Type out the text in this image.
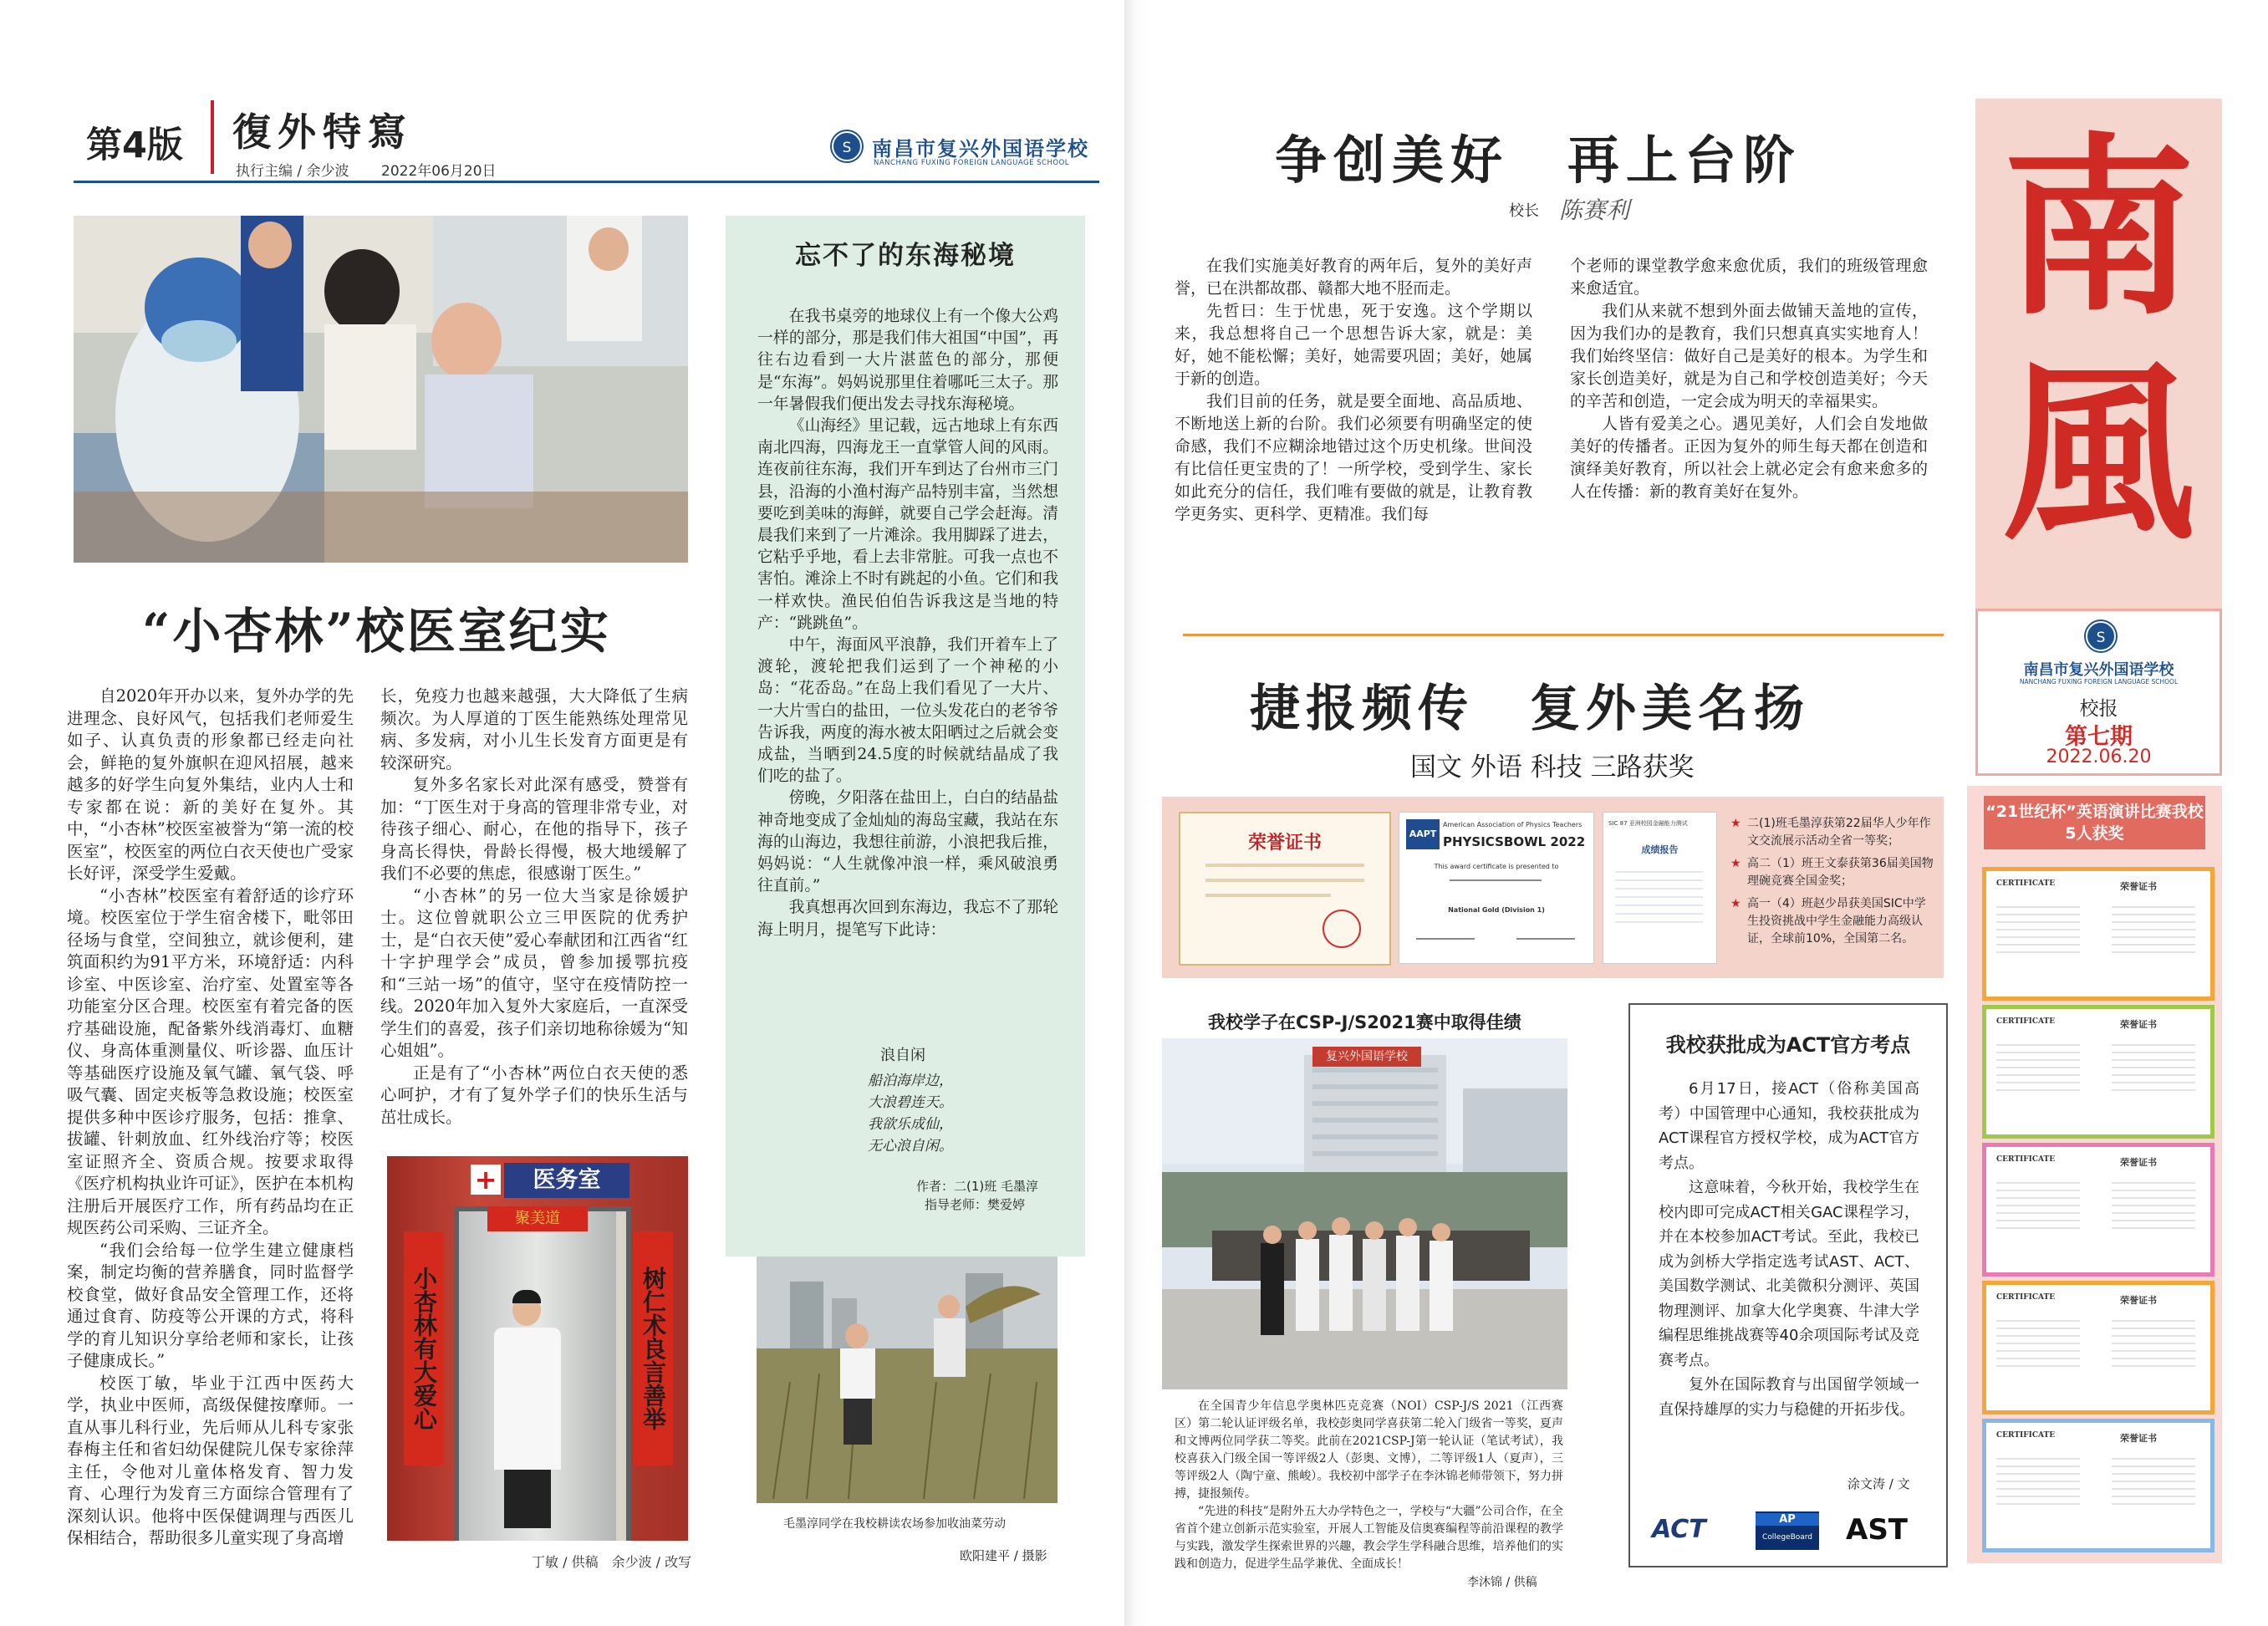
第4版 復外特寫
执行主编 / 余少波 2022年06月20日
S 南昌市复兴外国语学校
NANCHANG FUXING FOREIGN LANGUAGE SCHOOL
“小杏林”校医室纪实

自2020年开办以来，复外办学的先进理念、良好风气，包括我们老师爱生如子、认真负责的形象都已经走向社会，鲜艳的复外旗帜在迎风招展，越来越多的好学生向复外集结，业内人士和专家都在说：新的美好在复外。其中，“小杏林”校医室被誉为“第一流的校医室”，校医室的两位白衣天使也广受家长好评，深受学生爱戴。

“小杏林”校医室有着舒适的诊疗环境。校医室位于学生宿舍楼下，毗邻田径场与食堂，空间独立，就诊便利，建筑面积约为91平方米，环境舒适：内科诊室、中医诊室、治疗室、处置室等各功能室分区合理。校医室有着完备的医疗基础设施，配备紫外线消毒灯、血糖仪、身高体重测量仪、听诊器、血压计等基础医疗设施及氧气罐、氧气袋、呼吸气囊、固定夹板等急救设施；校医室提供多种中医诊疗服务，包括：推拿、拔罐、针刺放血、红外线治疗等；校医室证照齐全、资质合规。按要求取得《医疗机构执业许可证》，医护在本机构注册后开展医疗工作，所有药品均在正规医药公司采购、三证齐全。

“我们会给每一位学生建立健康档案，制定均衡的营养膳食，同时监督学校食堂，做好食品安全管理工作，还将通过食育、防疫等公开课的方式，将科学的育儿知识分享给老师和家长，让孩子健康成长。”

校医丁敏，毕业于江西中医药大学，执业中医师，高级保健按摩师。一直从事儿科行业，先后师从儿科专家张春梅主任和省妇幼保健院儿保专家徐萍主任，令他对儿童体格发育、智力发育、心理行为发育三方面综合管理有了深刻认识。他将中医保健调理与西医儿保相结合，帮助很多儿童实现了身高增

长，免疫力也越来越强，大大降低了生病频次。为人厚道的丁医生能熟练处理常见病、多发病，对小儿生长发育方面更是有较深研究。

复外多名家长对此深有感受，赞誉有加：“丁医生对于身高的管理非常专业，对待孩子细心、耐心，在他的指导下，孩子身高长得快，骨龄长得慢，极大地缓解了我们不必要的焦虑，很感谢丁医生。”

“小杏林”的另一位大当家是徐媛护士。这位曾就职公立三甲医院的优秀护士，是“白衣天使”爱心奉献团和江西省“红十字护理学会”成员，曾参加援鄂抗疫和“三站一场”的值守，坚守在疫情防控一线。2020年加入复外大家庭后，一直深受学生们的喜爱，孩子们亲切地称徐媛为“知心姐姐”。

正是有了“小杏林”两位白衣天使的悉心呵护，才有了复外学子们的快乐生活与茁壮成长。

医务室
+
聚美道
小杏林有大爱心	树仁术良言善举
丁敏 / 供稿　余少波 / 改写
忘不了的东海秘境

在我书桌旁的地球仪上有一个像大公鸡一样的部分，那是我们伟大祖国“中国”，再往右边看到一大片湛蓝色的部分，那便是“东海”。妈妈说那里住着哪吒三太子。那一年暑假我们便出发去寻找东海秘境。

《山海经》里记载，远古地球上有东西南北四海，四海龙王一直掌管人间的风雨。连夜前往东海，我们开车到达了台州市三门县，沿海的小渔村海产品特别丰富，当然想要吃到美味的海鲜，就要自己学会赶海。清晨我们来到了一片滩涂。我用脚踩了进去，它粘乎乎地，看上去非常脏。可我一点也不害怕。滩涂上不时有跳起的小鱼。它们和我一样欢快。渔民伯伯告诉我这是当地的特产：“跳跳鱼”。

中午，海面风平浪静，我们开着车上了渡轮，渡轮把我们运到了一个神秘的小岛：“花岙岛。”在岛上我们看见了一大片、一大片雪白的盐田，一位头发花白的老爷爷告诉我，两度的海水被太阳晒过之后就会变成盐，当晒到24.5度的时候就结晶成了我们吃的盐了。

傍晚，夕阳落在盐田上，白白的结晶盐神奇地变成了金灿灿的海岛宝藏，我站在东海的山海边，我想往前游，小浪把我后推，妈妈说：“人生就像冲浪一样，乘风破浪勇往直前。”

我真想再次回到东海边，我忘不了那轮海上明月，提笔写下此诗：

浪自闲
船泊海岸边，
大浪碧连天。
我欲乐成仙，
无心浪自闲。
作者：二(1)班 毛墨淳
指导老师：樊爱婷
毛墨淳同学在我校耕读农场参加收油菜劳动
欧阳建平 / 摄影
争创美好　再上台阶
校长 陈赛利

在我们实施美好教育的两年后，复外的美好声誉，已在洪都故郡、赣都大地不胫而走。

先哲曰：生于忧患，死于安逸。这个学期以来，我总想将自己一个思想告诉大家，就是：美好，她不能松懈；美好，她需要巩固；美好，她属于新的创造。

我们目前的任务，就是要全面地、高品质地、不断地送上新的台阶。我们必须要有明确坚定的使命感，我们不应糊涂地错过这个历史机缘。世间没有比信任更宝贵的了！一所学校，受到学生、家长如此充分的信任，我们唯有要做的就是，让教育教学更务实、更科学、更精准。我们每

个老师的课堂教学愈来愈优质，我们的班级管理愈来愈适宜。

我们从来就不想到外面去做铺天盖地的宣传，因为我们办的是教育，我们只想真真实实地育人！我们始终坚信：做好自己是美好的根本。为学生和家长创造美好，就是为自己和学校创造美好；今天的辛苦和创造，一定会成为明天的幸福果实。

人皆有爱美之心。遇见美好，人们会自发地做美好的传播者。正因为复外的师生每天都在创造和演绎美好教育，所以社会上就必定会有愈来愈多的人在传播：新的教育美好在复外。

南
風
S
南昌市复兴外国语学校
NANCHANG FUXING FOREIGN LANGUAGE SCHOOL
校报
第七期
2022.06.20
捷报频传　复外美名扬
国文 外语 科技 三路获奖
荣誉证书	AAPT
American Association of Physics Teachers
PHYSICSBOWL 2022
This award certificate is presented to
National Gold (Division 1)
SIC 87 亚洲校园金融能力测试
成绩报告
★ 二(1)班毛墨淳获第22届华人少年作文交流展示活动全省一等奖；
★ 高二（1）班王文泰获第36届美国物理碗竞赛全国金奖；
★ 高一（4）班赵少昂获美国SIC中学生投资挑战中学生金融能力高级认证，全球前10%，全国第二名。
我校学子在CSP-J/S2021赛中取得佳绩
复兴外国语学校

在全国青少年信息学奥林匹克竞赛（NOI）CSP-J/S 2021（江西赛区）第二轮认证评级名单，我校彭奥同学喜获第二轮入门级省一等奖，夏声和文博两位同学获二等奖。此前在2021CSP-J第一轮认证（笔试考试），我校喜获入门级全国一等评级2人（彭奥、文博），二等评级1人（夏声），三等评级2人（陶宁童、熊峻）。我校初中部学子在李沐锦老师带领下，努力拼搏，捷报频传。

“先进的科技”是附外五大办学特色之一，学校与“大疆”公司合作，在全省首个建立创新示范实验室，开展人工智能及信奥赛编程等前沿课程的教学与实践，激发学生探索世界的兴趣，教会学生学科融合思维，培养他们的实践和创造力，促进学生品学兼优、全面成长！

李沐锦 / 供稿
我校获批成为ACT官方考点

6月17日，接ACT（俗称美国高考）中国管理中心通知，我校获批成为ACT课程官方授权学校，成为ACT官方考点。

这意味着，今秋开始，我校学生在校内即可完成ACT相关GAC课程学习，并在本校参加ACT考试。至此，我校已成为剑桥大学指定选考试AST、ACT、美国数学测试、北美微积分测评、英国物理测评、加拿大化学奥赛、牛津大学编程思维挑战赛等40余项国际考试及竞赛考点。

复外在国际教育与出国留学领域一直保持雄厚的实力与稳健的开拓步伐。

涂文涛 / 文
ACT	AP
CollegeBoard AST
“21世纪杯”英语演讲比赛我校5人获奖
CERTIFICATE	荣誉证书
CERTIFICATE	荣誉证书
CERTIFICATE	荣誉证书
CERTIFICATE	荣誉证书
CERTIFICATE	荣誉证书
